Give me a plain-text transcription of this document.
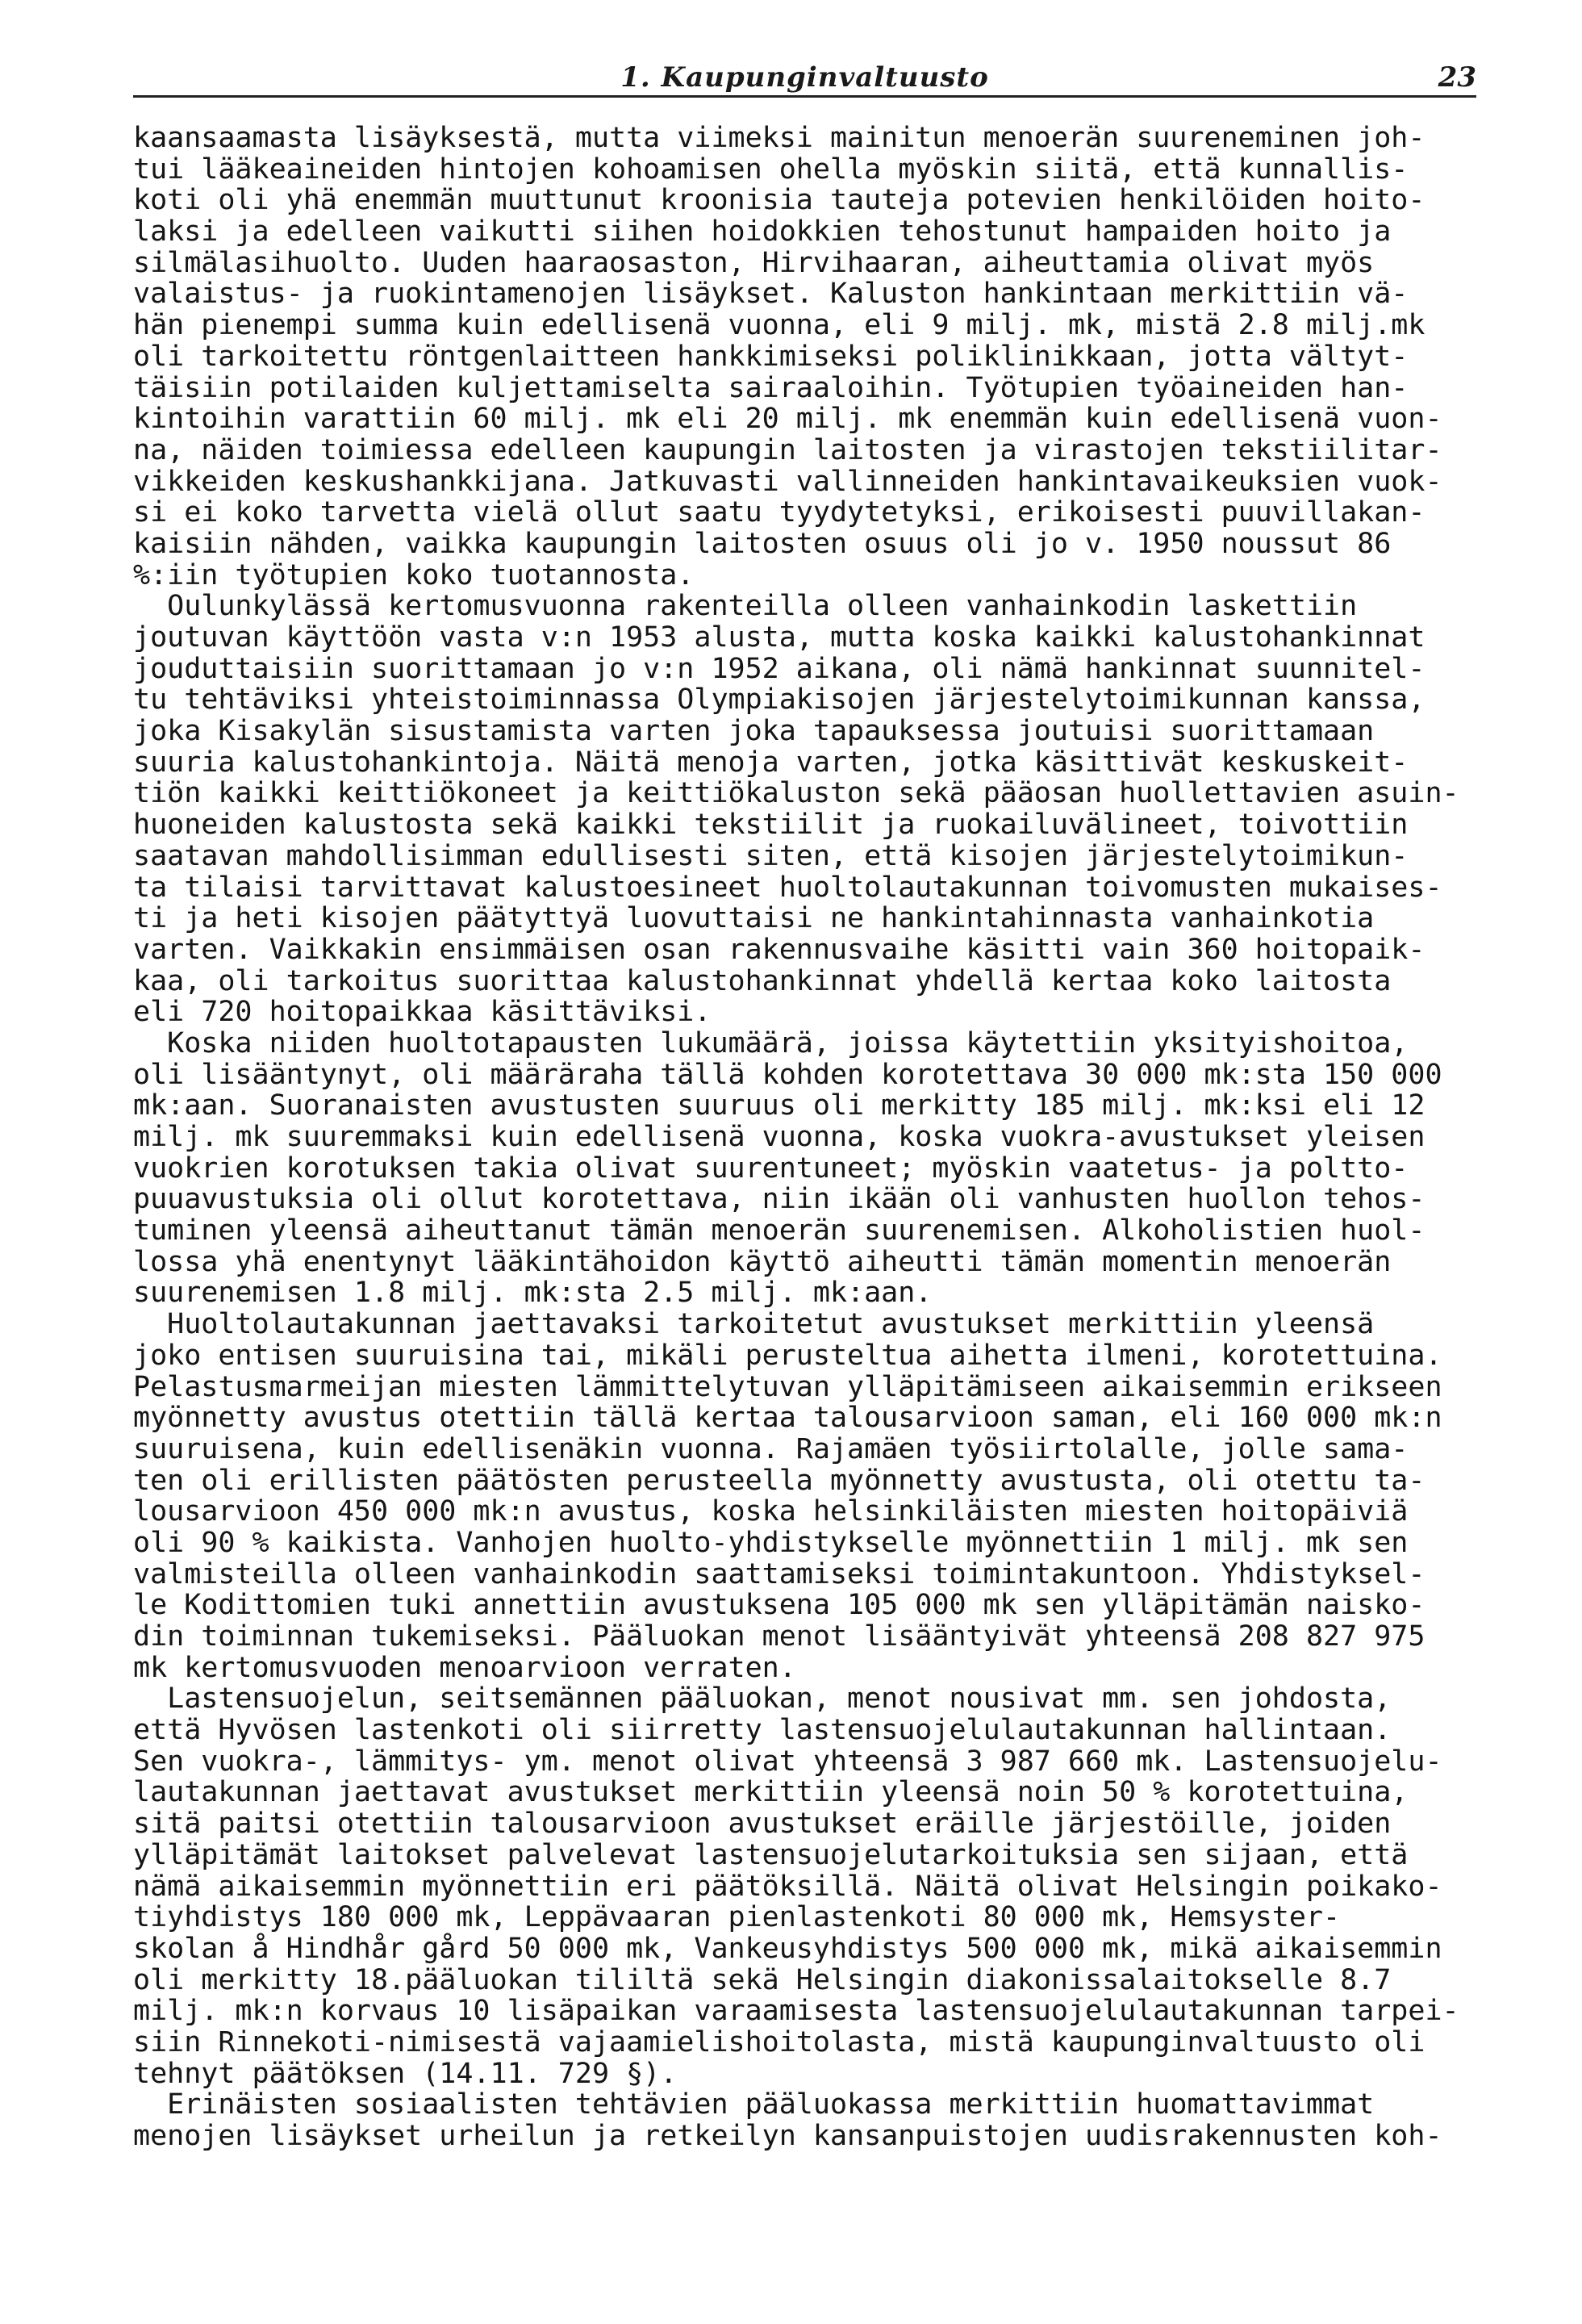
1. Kaupunginvaltuusto	23
kaansaamasta lisäyksestä, mutta viimeksi mainitun menoerän suureneminen joh-
tui lääkeaineiden hintojen kohoamisen ohella myöskin siitä, että kunnallis-
koti oli yhä enemmän muuttunut kroonisia tauteja potevien henkilöiden hoito-
laksi ja edelleen vaikutti siihen hoidokkien tehostunut hampaiden hoito ja
silmälasihuolto. Uuden haaraosaston, Hirvihaaran, aiheuttamia olivat myös
valaistus- ja ruokintamenojen lisäykset. Kaluston hankintaan merkittiin vä-
hän pienempi summa kuin edellisenä vuonna, eli 9 milj. mk, mistä 2.8 milj.mk
oli tarkoitettu röntgenlaitteen hankkimiseksi poliklinikkaan, jotta vältyt-
täisiin potilaiden kuljettamiselta sairaaloihin. Työtupien työaineiden han-
kintoihin varattiin 60 milj. mk eli 20 milj. mk enemmän kuin edellisenä vuon-
na, näiden toimiessa edelleen kaupungin laitosten ja virastojen tekstiilitar-
vikkeiden keskushankkijana. Jatkuvasti vallinneiden hankintavaikeuksien vuok-
si ei koko tarvetta vielä ollut saatu tyydytetyksi, erikoisesti puuvillakan-
kaisiin nähden, vaikka kaupungin laitosten osuus oli jo v. 1950 noussut 86
%:iin työtupien koko tuotannosta.
Oulunkylässä kertomusvuonna rakenteilla olleen vanhainkodin laskettiin
joutuvan käyttöön vasta v:n 1953 alusta, mutta koska kaikki kalustohankinnat
jouduttaisiin suorittamaan jo v:n 1952 aikana, oli nämä hankinnat suunnitel-
tu tehtäviksi yhteistoiminnassa Olympiakisojen järjestelytoimikunnan kanssa,
joka Kisakylän sisustamista varten joka tapauksessa joutuisi suorittamaan
suuria kalustohankintoja. Näitä menoja varten, jotka käsittivät keskuskeit-
tiön kaikki keittiökoneet ja keittiökaluston sekä pääosan huollettavien asuin-
huoneiden kalustosta sekä kaikki tekstiilit ja ruokailuvälineet, toivottiin
saatavan mahdollisimman edullisesti siten, että kisojen järjestelytoimikun-
ta tilaisi tarvittavat kalustoesineet huoltolautakunnan toivomusten mukaises-
ti ja heti kisojen päätyttyä luovuttaisi ne hankintahinnasta vanhainkotia
varten. Vaikkakin ensimmäisen osan rakennusvaihe käsitti vain 360 hoitopaik-
kaa, oli tarkoitus suorittaa kalustohankinnat yhdellä kertaa koko laitosta
eli 720 hoitopaikkaa käsittäviksi.
Koska niiden huoltotapausten lukumäärä, joissa käytettiin yksityishoitoa,
oli lisääntynyt, oli määräraha tällä kohden korotettava 30 000 mk:sta 150 000
mk:aan. Suoranaisten avustusten suuruus oli merkitty 185 milj. mk:ksi eli 12
milj. mk suuremmaksi kuin edellisenä vuonna, koska vuokra-avustukset yleisen
vuokrien korotuksen takia olivat suurentuneet; myöskin vaatetus- ja poltto-
puuavustuksia oli ollut korotettava, niin ikään oli vanhusten huollon tehos-
tuminen yleensä aiheuttanut tämän menoerän suurenemisen. Alkoholistien huol-
lossa yhä enentynyt lääkintähoidon käyttö aiheutti tämän momentin menoerän
suurenemisen 1.8 milj. mk:sta 2.5 milj. mk:aan.
Huoltolautakunnan jaettavaksi tarkoitetut avustukset merkittiin yleensä
joko entisen suuruisina tai, mikäli perusteltua aihetta ilmeni, korotettuina.
Pelastusmarmeijan miesten lämmittelytuvan ylläpitämiseen aikaisemmin erikseen
myönnetty avustus otettiin tällä kertaa talousarvioon saman, eli 160 000 mk:n
suuruisena, kuin edellisenäkin vuonna. Rajamäen työsiirtolalle, jolle sama-
ten oli erillisten päätösten perusteella myönnetty avustusta, oli otettu ta-
lousarvioon 450 000 mk:n avustus, koska helsinkiläisten miesten hoitopäiviä
oli 90 % kaikista. Vanhojen huolto-yhdistykselle myönnettiin 1 milj. mk sen
valmisteilla olleen vanhainkodin saattamiseksi toimintakuntoon. Yhdistyksel-
le Kodittomien tuki annettiin avustuksena 105 000 mk sen ylläpitämän naisko-
din toiminnan tukemiseksi. Pääluokan menot lisääntyivät yhteensä 208 827 975
mk kertomusvuoden menoarvioon verraten.
Lastensuojelun, seitsemännen pääluokan, menot nousivat mm. sen johdosta,
että Hyvösen lastenkoti oli siirretty lastensuojelulautakunnan hallintaan.
Sen vuokra-, lämmitys- ym. menot olivat yhteensä 3 987 660 mk. Lastensuojelu-
lautakunnan jaettavat avustukset merkittiin yleensä noin 50 % korotettuina,
sitä paitsi otettiin talousarvioon avustukset eräille järjestöille, joiden
ylläpitämät laitokset palvelevat lastensuojelutarkoituksia sen sijaan, että
nämä aikaisemmin myönnettiin eri päätöksillä. Näitä olivat Helsingin poikako-
tiyhdistys 180 000 mk, Leppävaaran pienlastenkoti 80 000 mk, Hemsyster-
skolan å Hindhår gård 50 000 mk, Vankeusyhdistys 500 000 mk, mikä aikaisemmin
oli merkitty 18.pääluokan tililtä sekä Helsingin diakonissalaitokselle 8.7
milj. mk:n korvaus 10 lisäpaikan varaamisesta lastensuojelulautakunnan tarpei-
siin Rinnekoti-nimisestä vajaamielishoitolasta, mistä kaupunginvaltuusto oli
tehnyt päätöksen (14.11. 729 §).
Erinäisten sosiaalisten tehtävien pääluokassa merkittiin huomattavimmat
menojen lisäykset urheilun ja retkeilyn kansanpuistojen uudisrakennusten koh-
